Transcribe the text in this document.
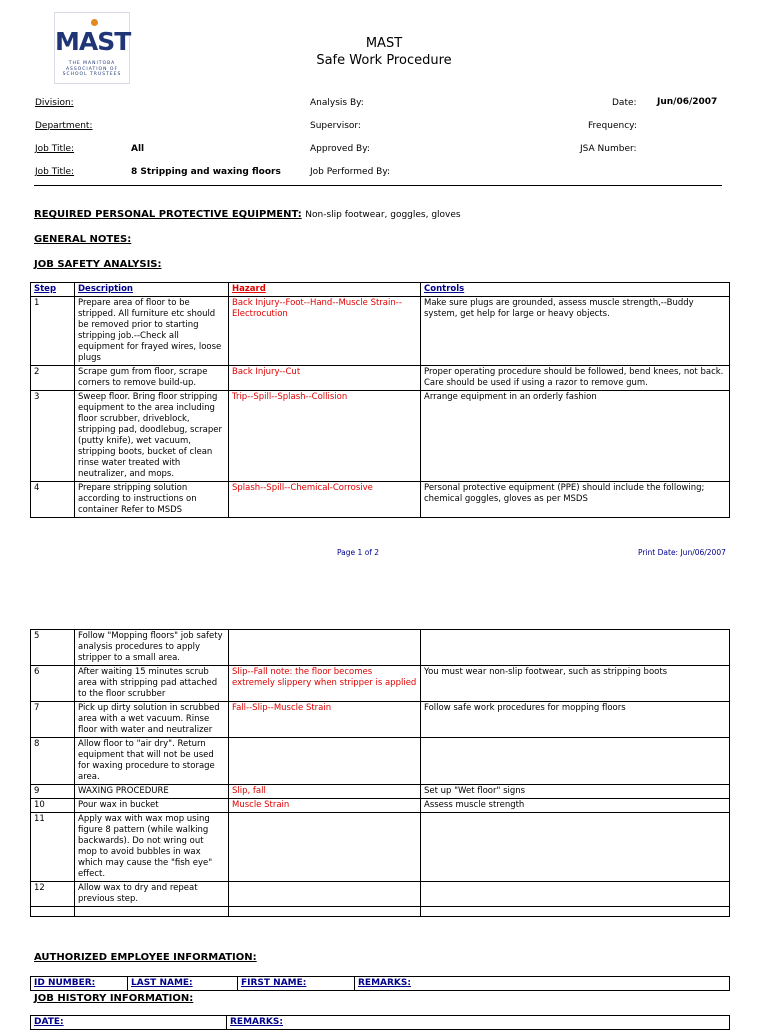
MAST
THE MANITOBA ASSOCIATION OF SCHOOL TRUSTEES
MAST
Safe Work Procedure
Division:
Department:
Job Title:	All
Job Title:	8 Stripping and waxing floors
Analysis By:
Supervisor:
Approved By:
Job Performed By:
Date: Jun/06/2007
Frequency:
JSA Number:
REQUIRED PERSONAL PROTECTIVE EQUIPMENT: Non-slip footwear, goggles, gloves
GENERAL NOTES:
JOB SAFETY ANALYSIS:
Step	Description	Hazard	Controls
1	Prepare area of floor to be stripped. All furniture etc should be removed prior to starting stripping job.--Check all equipment for frayed wires, loose plugs	Back Injury--Foot--Hand--Muscle Strain--Electrocution	Make sure plugs are grounded, assess muscle strength,--Buddy system, get help for large or heavy objects.
2	Scrape gum from floor, scrape corners to remove build-up.	Back Injury--Cut	Proper operating procedure should be followed, bend knees, not back. Care should be used if using a razor to remove gum.
3	Sweep floor. Bring floor stripping equipment to the area including floor scrubber, driveblock, stripping pad, doodlebug, scraper (putty knife), wet vacuum, stripping boots, bucket of clean rinse water treated with neutralizer, and mops.	Trip--Spill--Splash--Collision	Arrange equipment in an orderly fashion
4	Prepare stripping solution according to instructions on container Refer to MSDS	Splash--Spill--Chemical-Corrosive	Personal protective equipment (PPE) should include the following; chemical goggles, gloves as per MSDS
Page 1 of 2	Print Date: Jun/06/2007
5	Follow "Mopping floors" job safety analysis procedures to apply stripper to a small area.		
6	After waiting 15 minutes scrub area with stripping pad attached to the floor scrubber	Slip--Fall note: the floor becomes extremely slippery when stripper is applied	You must wear non-slip footwear, such as stripping boots
7	Pick up dirty solution in scrubbed area with a wet vacuum. Rinse floor with water and neutralizer	Fall--Slip--Muscle Strain	Follow safe work procedures for mopping floors
8	Allow floor to "air dry". Return equipment that will not be used for waxing procedure to storage area.		
9	WAXING PROCEDURE	Slip, fall	Set up "Wet floor" signs
10	Pour wax in bucket	Muscle Strain	Assess muscle strength
11	Apply wax with wax mop using figure 8 pattern (while walking backwards). Do not wring out mop to avoid bubbles in wax which may cause the "fish eye" effect.		
12	Allow wax to dry and repeat previous step.		

AUTHORIZED EMPLOYEE INFORMATION:
ID NUMBER:	LAST NAME:	FIRST NAME:	REMARKS:
JOB HISTORY INFORMATION:
DATE:	REMARKS:
